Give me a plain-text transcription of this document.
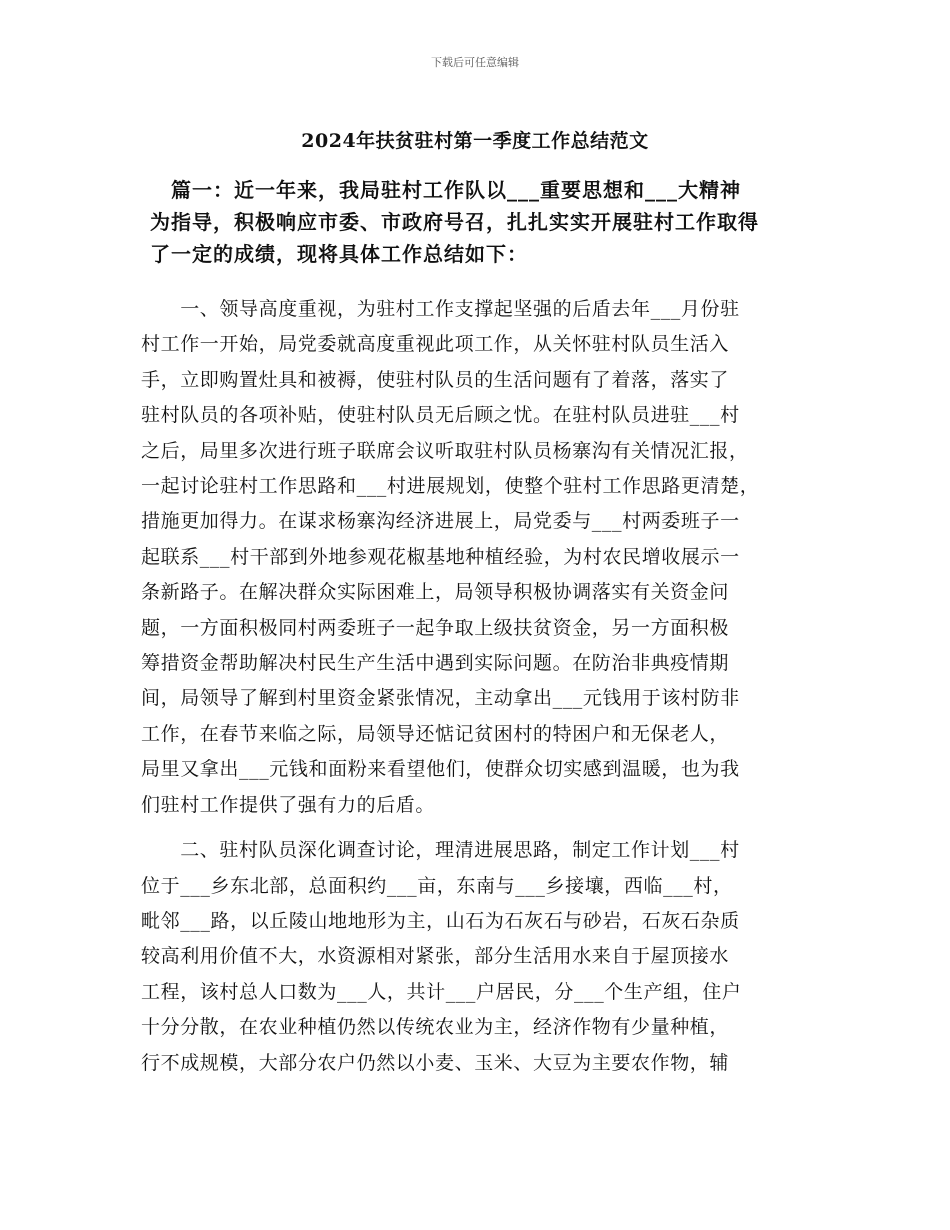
下载后可任意编辑
2024年扶贫驻村第一季度工作总结范文
　篇一：近一年来，我局驻村工作队以___重要思想和___大精神
为指导，积极响应市委、市政府号召，扎扎实实开展驻村工作取得
了一定的成绩，现将具体工作总结如下：
　　一、领导高度重视，为驻村工作支撑起坚强的后盾去年___月份驻
村工作一开始，局党委就高度重视此项工作，从关怀驻村队员生活入
手，立即购置灶具和被褥，使驻村队员的生活问题有了着落，落实了
驻村队员的各项补贴，使驻村队员无后顾之忧。在驻村队员进驻___村
之后，局里多次进行班子联席会议听取驻村队员杨寨沟有关情况汇报，
一起讨论驻村工作思路和___村进展规划，使整个驻村工作思路更清楚，
措施更加得力。在谋求杨寨沟经济进展上，局党委与___村两委班子一
起联系___村干部到外地参观花椒基地种植经验，为村农民增收展示一
条新路子。在解决群众实际困难上，局领导积极协调落实有关资金问
题，一方面积极同村两委班子一起争取上级扶贫资金，另一方面积极
筹措资金帮助解决村民生产生活中遇到实际问题。在防治非典疫情期
间，局领导了解到村里资金紧张情况，主动拿出___元钱用于该村防非
工作，在春节来临之际，局领导还惦记贫困村的特困户和无保老人，
局里又拿出___元钱和面粉来看望他们，使群众切实感到温暖，也为我
们驻村工作提供了强有力的后盾。
　　二、驻村队员深化调查讨论，理清进展思路，制定工作计划___村
位于___乡东北部，总面积约___亩，东南与___乡接壤，西临___村，
毗邻___路，以丘陵山地地形为主，山石为石灰石与砂岩，石灰石杂质
较高利用价值不大，水资源相对紧张，部分生活用水来自于屋顶接水
工程，该村总人口数为___人，共计___户居民，分___个生产组，住户
十分分散，在农业种植仍然以传统农业为主，经济作物有少量种植，
行不成规模，大部分农户仍然以小麦、玉米、大豆为主要农作物，辅
